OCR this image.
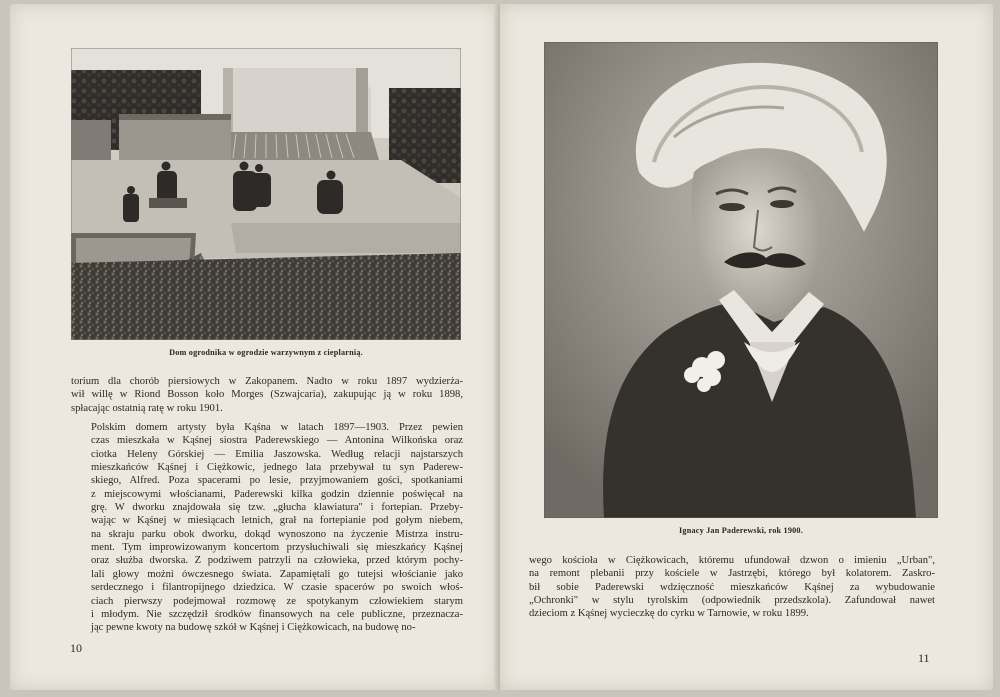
Dom ogrodnika w ogrodzie warzywnym z cieplarnią.

torium dla chorób piersiowych w Zakopanem. Nadto w roku 1897 wydzierża-
wił willę w Riond Bosson koło Morges (Szwajcaria), zakupując ją w roku 1898,
spłacając ostatnią ratę w roku 1901.

Polskim domem artysty była Kąśna w latach 1897—1903. Przez pewien
czas mieszkała w Kąśnej siostra Paderewskiego — Antonina Wilkońska oraz
ciotka Heleny Górskiej — Emilia Jaszowska. Według relacji najstarszych
mieszkańców Kąśnej i Ciężkowic, jednego lata przebywał tu syn Paderew-
skiego, Alfred. Poza spacerami po lesie, przyjmowaniem gości, spotkaniami
z miejscowymi włościanami, Paderewski kilka godzin dziennie poświęcał na
grę. W dworku znajdowała się tzw. „głucha klawiatura" i fortepian. Przeby-
wając w Kąśnej w miesiącach letnich, grał na fortepianie pod gołym niebem,
na skraju parku obok dworku, dokąd wynoszono na życzenie Mistrza instru-
ment. Tym improwizowanym koncertom przysłuchiwali się mieszkańcy Kąśnej
oraz służba dworska. Z podziwem patrzyli na człowieka, przed którym pochy-
lali głowy możni ówczesnego świata. Zapamiętali go tutejsi włościanie jako
serdecznego i filantropijnego dziedzica. W czasie spacerów po swoich włoś-
ciach pierwszy podejmował rozmowę ze spotykanym człowiekiem starym
i młodym. Nie szczędził środków finansowych na cele publiczne, przeznacza-
jąc pewne kwoty na budowę szkół w Kąśnej i Ciężkowicach, na budowę no-

10
Ignacy Jan Paderewski, rok 1900.

wego kościoła w Ciężkowicach, któremu ufundował dzwon o imieniu „Urban",
na remont plebanii przy kościele w Jastrzębi, którego był kolatorem. Zaskro-
bił sobie Paderewski wdzięczność mieszkańców Kąśnej za wybudowanie
„Ochronki" w stylu tyrolskim (odpowiednik przedszkola). Zafundował nawet
dzieciom z Kąśnej wycieczkę do cyrku w Tarnowie, w roku 1899.

11
